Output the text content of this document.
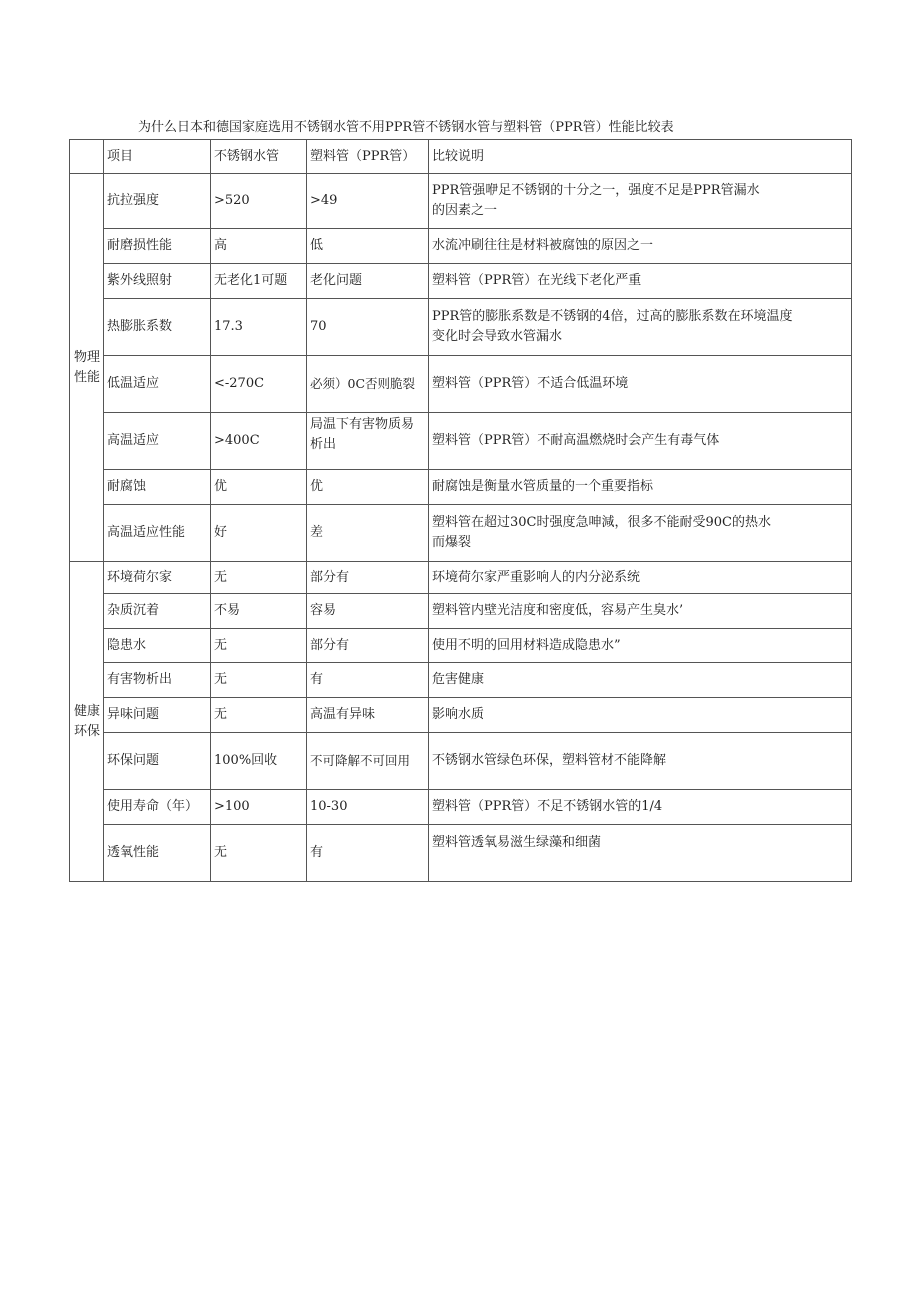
为什么日本和德国家庭选用不锈钢水管不用PPR管不锈钢水管与塑料管（PPR管）性能比较表
	项目	不锈钢水管	塑料管（PPR管）	比较说明
物理性能	抗拉强度	>520	>49	PPR管强咿足不锈钢的十分之一，强度不足是PPR管漏水的因素之一
	耐磨损性能	高	低	水流冲刷往往是材料被腐蚀的原因之一
	紫外线照射	无老化1可题	老化问题	塑料管（PPR管）在光线下老化严重
	热膨胀系数	17.3	70	PPR管的膨胀系数是不锈钢的4倍，过高的膨胀系数在环境温度变化时会导致水管漏水
	低温适应	<-270C	必须）0C否则脆裂	塑料管（PPR管）不适合低温环境
	高温适应	>400C	局温下有害物质易析出	塑料管（PPR管）不耐高温燃烧时会产生有毒气体
	耐腐蚀	优	优	耐腐蚀是衡量水管质量的一个重要指标
	高温适应性能	好	差	塑料管在超过30C时强度急呻減，很多不能耐受90C的热水而爆裂
健康环保	环境荷尔家	无	部分有	环境荷尔家严重影响人的内分泌系统
	杂质沉着	不易	容易	塑料管内壁光洁度和密度低，容易产生臭水’
	隐患水	无	部分有	使用不明的回用材料造成隐患水”
	有害物析出	无	有	危害健康
	异味问题	无	高温有异味	影响水质
	环保问题	100%回收	不可降解不可回用	不锈钢水管绿色环保，塑料管材不能降解
	使用寿命（年）	>100	10-30	塑料管（PPR管）不足不锈钢水管的1/4
	透氧性能	无	有	塑料管透氧易滋生绿藻和细菌
